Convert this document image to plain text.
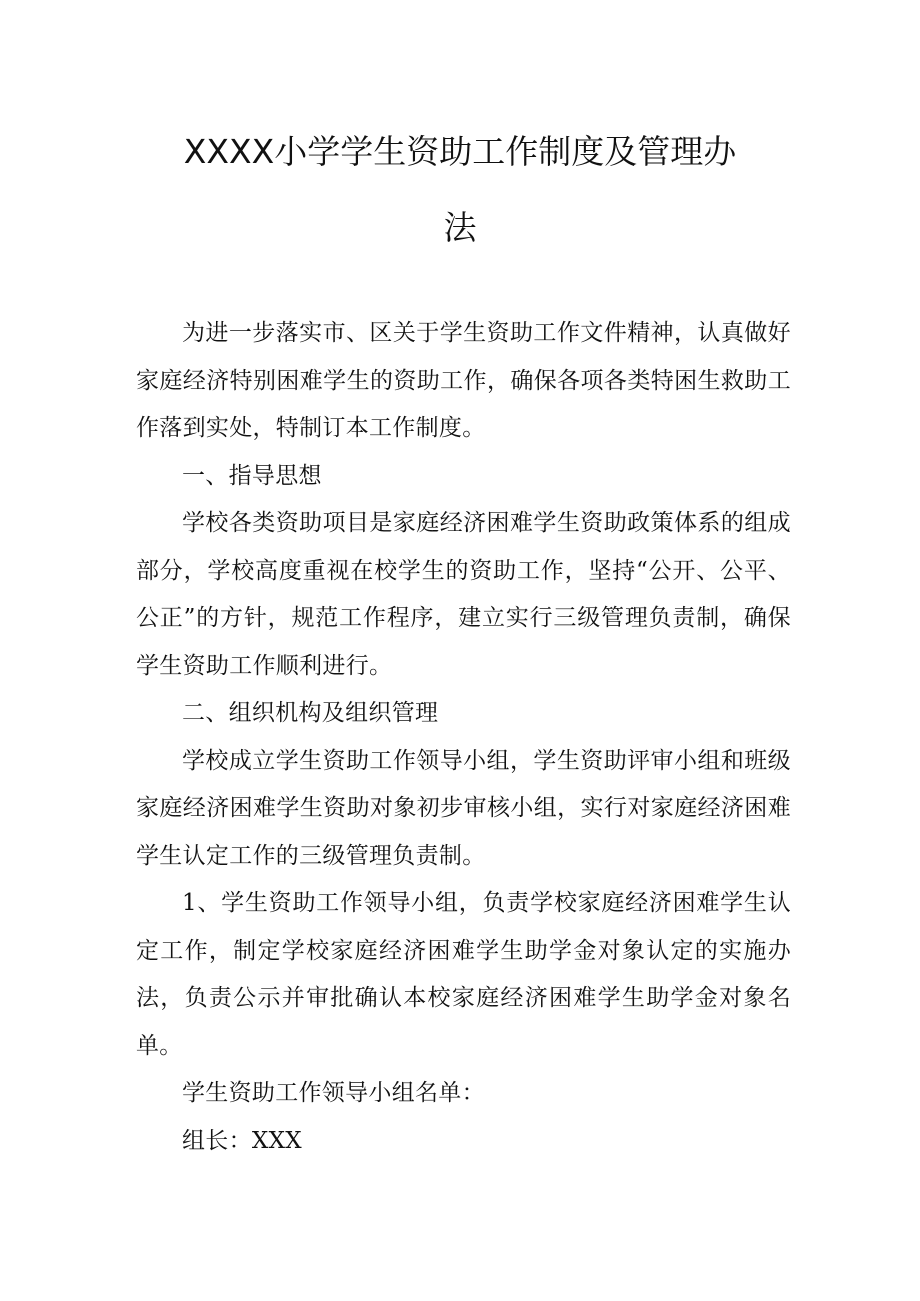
XXXX小学学生资助工作制度及管理办
法

为进一步落实市、区关于学生资助工作文件精神，认真做好家庭经济特别困难学生的资助工作，确保各项各类特困生救助工作落到实处，特制订本工作制度。

一、指导思想

学校各类资助项目是家庭经济困难学生资助政策体系的组成部分，学校高度重视在校学生的资助工作，坚持“公开、公平、公正”的方针，规范工作程序，建立实行三级管理负责制，确保学生资助工作顺利进行。

二、组织机构及组织管理

学校成立学生资助工作领导小组，学生资助评审小组和班级家庭经济困难学生资助对象初步审核小组，实行对家庭经济困难学生认定工作的三级管理负责制。

1、学生资助工作领导小组，负责学校家庭经济困难学生认定工作，制定学校家庭经济困难学生助学金对象认定的实施办法，负责公示并审批确认本校家庭经济困难学生助学金对象名单。

学生资助工作领导小组名单：

组长：XXX
